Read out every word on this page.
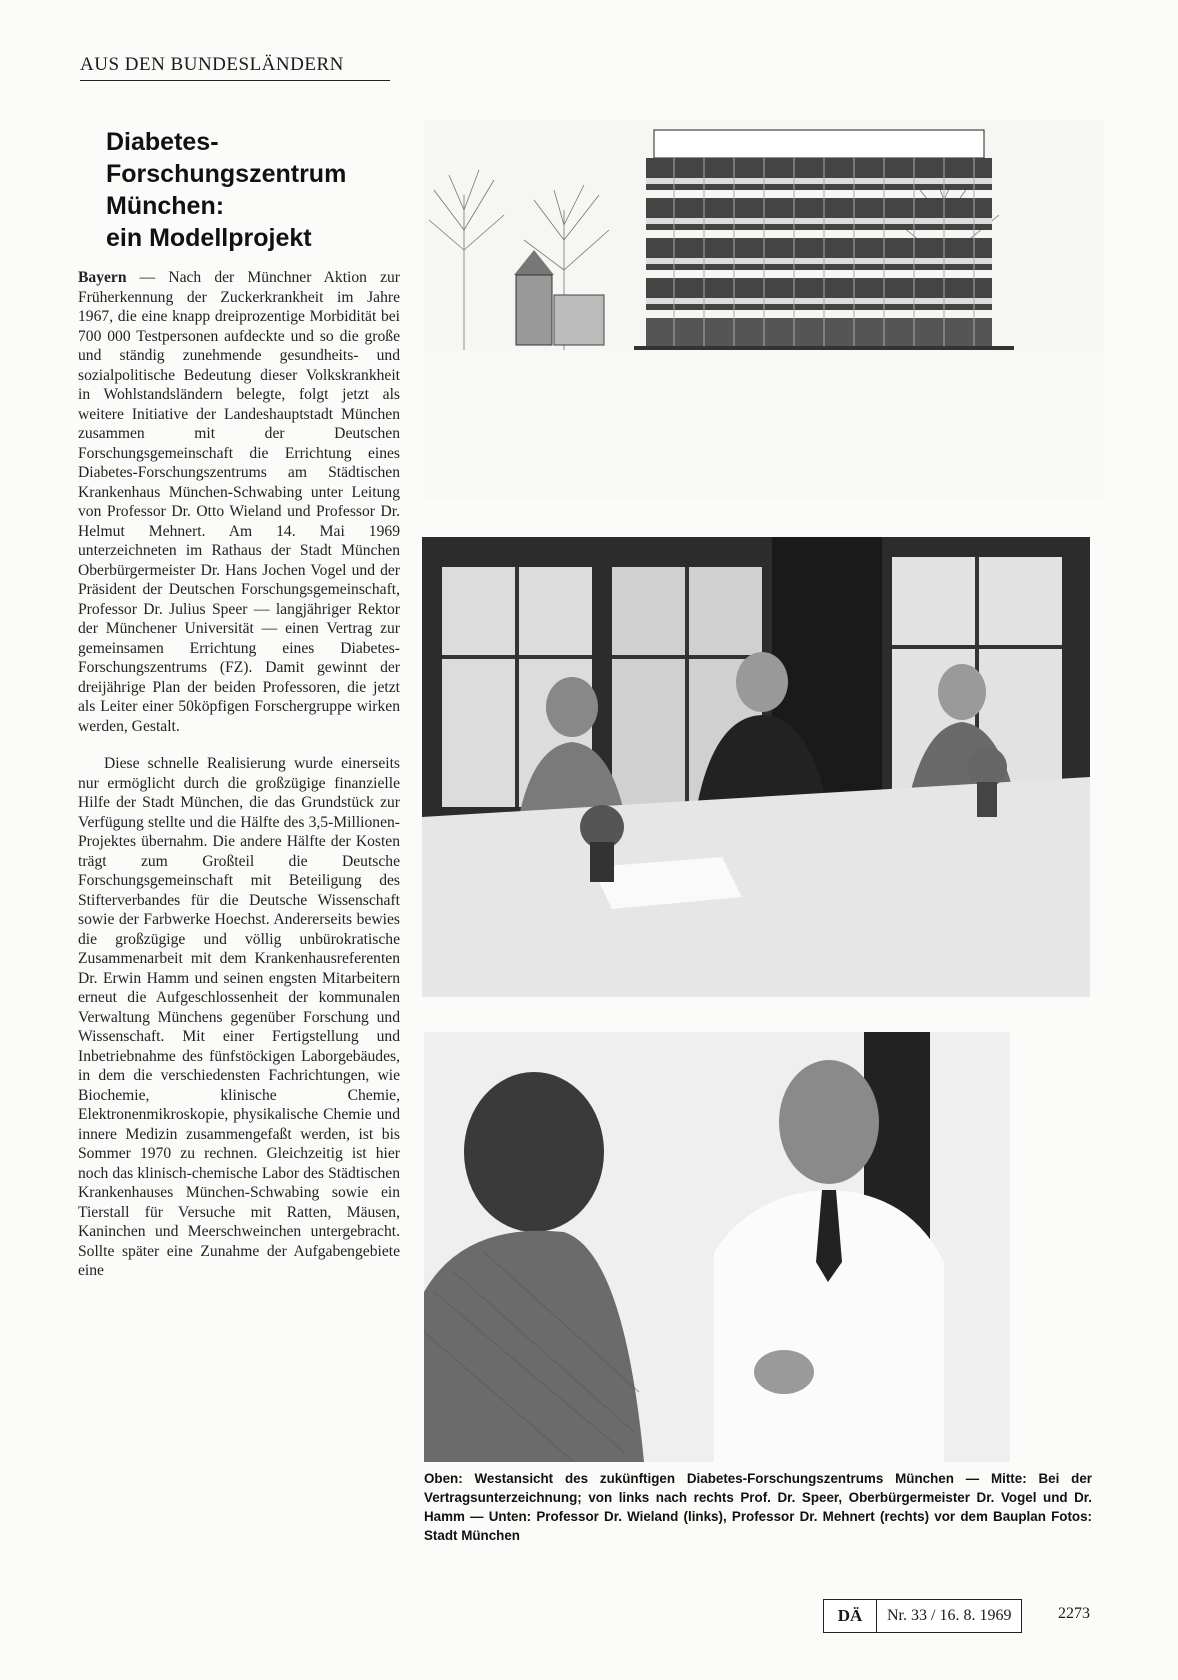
AUS DEN BUNDESLÄNDERN
Diabetes-
Forschungszentrum
München:
ein Modellprojekt

Bayern — Nach der Münchner Aktion zur Früherkennung der Zuckerkrankheit im Jahre 1967, die eine knapp dreiprozentige Morbidität bei 700 000 Testpersonen aufdeckte und so die große und ständig zunehmende gesundheits- und sozialpolitische Bedeutung dieser Volkskrankheit in Wohlstandsländern belegte, folgt jetzt als weitere Initiative der Landeshauptstadt München zusammen mit der Deutschen Forschungsgemeinschaft die Errichtung eines Diabetes-Forschungszentrums am Städtischen Krankenhaus München-Schwabing unter Leitung von Professor Dr. Otto Wieland und Professor Dr. Helmut Mehnert. Am 14. Mai 1969 unterzeichneten im Rathaus der Stadt München Oberbürgermeister Dr. Hans Jochen Vogel und der Präsident der Deutschen Forschungsgemeinschaft, Professor Dr. Julius Speer — langjähriger Rektor der Münchener Universität — einen Vertrag zur gemeinsamen Errichtung eines Diabetes-Forschungszentrums (FZ). Damit gewinnt der dreijährige Plan der beiden Professoren, die jetzt als Leiter einer 50köpfigen Forschergruppe wirken werden, Gestalt.

Diese schnelle Realisierung wurde einerseits nur ermöglicht durch die großzügige finanzielle Hilfe der Stadt München, die das Grundstück zur Verfügung stellte und die Hälfte des 3,5-Millionen-Projektes übernahm. Die andere Hälfte der Kosten trägt zum Großteil die Deutsche Forschungsgemeinschaft mit Beteiligung des Stifterverbandes für die Deutsche Wissenschaft sowie der Farbwerke Hoechst. Andererseits bewies die großzügige und völlig unbürokratische Zusammenarbeit mit dem Krankenhausreferenten Dr. Erwin Hamm und seinen engsten Mitarbeitern erneut die Aufgeschlossenheit der kommunalen Verwaltung Münchens gegenüber Forschung und Wissenschaft. Mit einer Fertigstellung und Inbetriebnahme des fünfstöckigen Laborgebäudes, in dem die verschiedensten Fachrichtungen, wie Biochemie, klinische Chemie, Elektronenmikroskopie, physikalische Chemie und innere Medizin zusammengefaßt werden, ist bis Sommer 1970 zu rechnen. Gleichzeitig ist hier noch das klinisch-chemische Labor des Städtischen Krankenhauses München-Schwabing sowie ein Tierstall für Versuche mit Ratten, Mäusen, Kaninchen und Meerschweinchen untergebracht. Sollte später eine Zunahme der Aufgabengebiete eine

Oben: Westansicht des zukünftigen Diabetes-Forschungszentrums München — Mitte: Bei der Vertragsunterzeichnung; von links nach rechts Prof. Dr. Speer, Oberbürgermeister Dr. Vogel und Dr. Hamm — Unten: Professor Dr. Wieland (links), Professor Dr. Mehnert (rechts) vor dem Bauplan Fotos: Stadt München
DÄ	Nr. 33 / 16. 8. 1969	2273
